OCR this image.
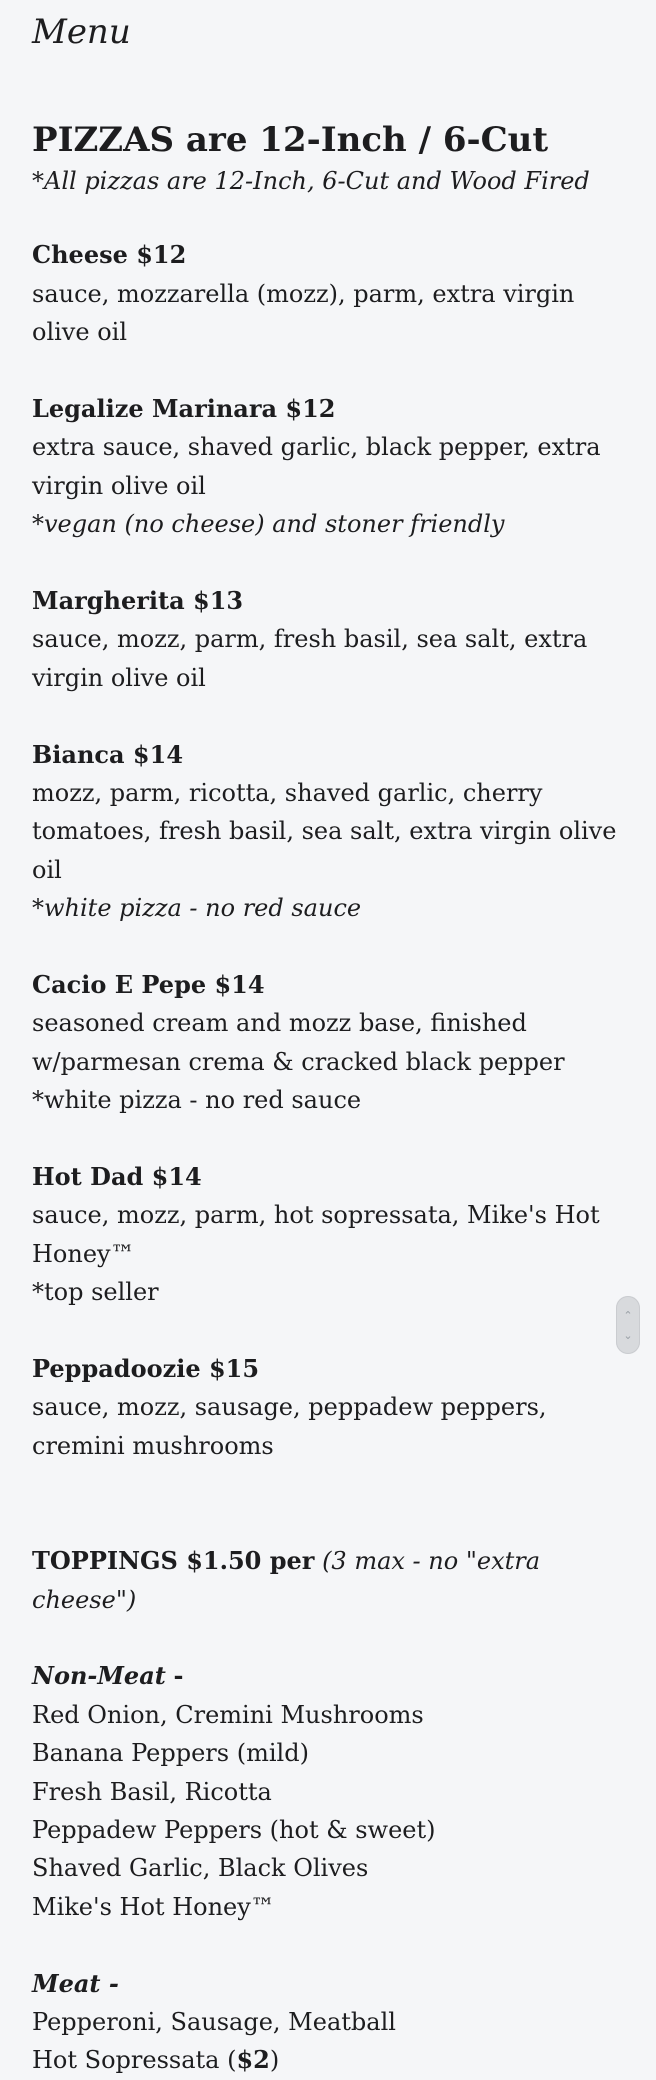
Menu
PIZZAS are 12-Inch / 6-Cut
*All pizzas are 12-Inch, 6-Cut and Wood Fired
Cheese $12
sauce, mozzarella (mozz), parm, extra virgin olive oil
Legalize Marinara $12
extra sauce, shaved garlic, black pepper, extra virgin olive oil
*vegan (no cheese) and stoner friendly
Margherita $13
sauce, mozz, parm, fresh basil, sea salt, extra virgin olive oil
Bianca $14
mozz, parm, ricotta, shaved garlic, cherry tomatoes, fresh basil, sea salt, extra virgin olive oil
*white pizza - no red sauce
Cacio E Pepe $14
seasoned cream and mozz base, finished w/parmesan crema & cracked black pepper
*white pizza - no red sauce
Hot Dad $14
sauce, mozz, parm, hot sopressata, Mike's Hot Honey™
*top seller
Peppadoozie $15
sauce, mozz, sausage, peppadew peppers, cremini mushrooms
TOPPINGS $1.50 per (3 max - no "extra cheese")
Non-Meat -
Red Onion, Cremini Mushrooms
Banana Peppers (mild)
Fresh Basil, Ricotta
Peppadew Peppers (hot & sweet)
Shaved Garlic, Black Olives
Mike's Hot Honey™
Meat -
Pepperoni, Sausage, Meatball
Hot Sopressata ($2)
⌃
⌄
